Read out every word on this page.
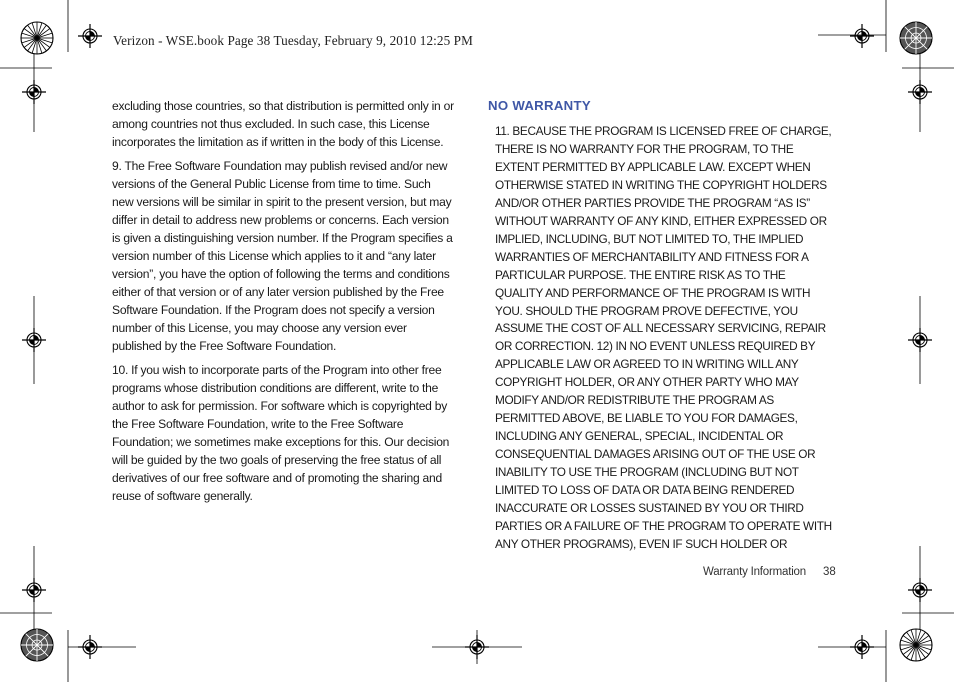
Verizon - WSE.book Page 38 Tuesday, February 9, 2010 12:25 PM

excluding those countries, so that distribution is permitted only in or among countries not thus excluded. In such case, this License incorporates the limitation as if written in the body of this License.

9. The Free Software Foundation may publish revised and/or new versions of the General Public License from time to time. Such new versions will be similar in spirit to the present version, but may differ in detail to address new problems or concerns. Each version is given a distinguishing version number. If the Program specifies a version number of this License which applies to it and “any later version”, you have the option of following the terms and conditions either of that version or of any later version published by the Free Software Foundation. If the Program does not specify a version number of this License, you may choose any version ever published by the Free Software Foundation.

10. If you wish to incorporate parts of the Program into other free programs whose distribution conditions are different, write to the author to ask for permission. For software which is copyrighted by the Free Software Foundation, write to the Free Software Foundation; we sometimes make exceptions for this. Our decision will be guided by the two goals of preserving the free status of all derivatives of our free software and of promoting the sharing and reuse of software generally.

NO WARRANTY

11. BECAUSE THE PROGRAM IS LICENSED FREE OF CHARGE, THERE IS NO WARRANTY FOR THE PROGRAM, TO THE EXTENT PERMITTED BY APPLICABLE LAW. EXCEPT WHEN OTHERWISE STATED IN WRITING THE COPYRIGHT HOLDERS AND/OR OTHER PARTIES PROVIDE THE PROGRAM “AS IS” WITHOUT WARRANTY OF ANY KIND, EITHER EXPRESSED OR IMPLIED, INCLUDING, BUT NOT LIMITED TO, THE IMPLIED WARRANTIES OF MERCHANTABILITY AND FITNESS FOR A PARTICULAR PURPOSE. THE ENTIRE RISK AS TO THE QUALITY AND PERFORMANCE OF THE PROGRAM IS WITH YOU. SHOULD THE PROGRAM PROVE DEFECTIVE, YOU ASSUME THE COST OF ALL NECESSARY SERVICING, REPAIR OR CORRECTION. 12) IN NO EVENT UNLESS REQUIRED BY APPLICABLE LAW OR AGREED TO IN WRITING WILL ANY COPYRIGHT HOLDER, OR ANY OTHER PARTY WHO MAY MODIFY AND/OR REDISTRIBUTE THE PROGRAM AS PERMITTED ABOVE, BE LIABLE TO YOU FOR DAMAGES, INCLUDING ANY GENERAL, SPECIAL, INCIDENTAL OR CONSEQUENTIAL DAMAGES ARISING OUT OF THE USE OR INABILITY TO USE THE PROGRAM (INCLUDING BUT NOT LIMITED TO LOSS OF DATA OR DATA BEING RENDERED INACCURATE OR LOSSES SUSTAINED BY YOU OR THIRD PARTIES OR A FAILURE OF THE PROGRAM TO OPERATE WITH ANY OTHER PROGRAMS), EVEN IF SUCH HOLDER OR

Warranty Information 38
